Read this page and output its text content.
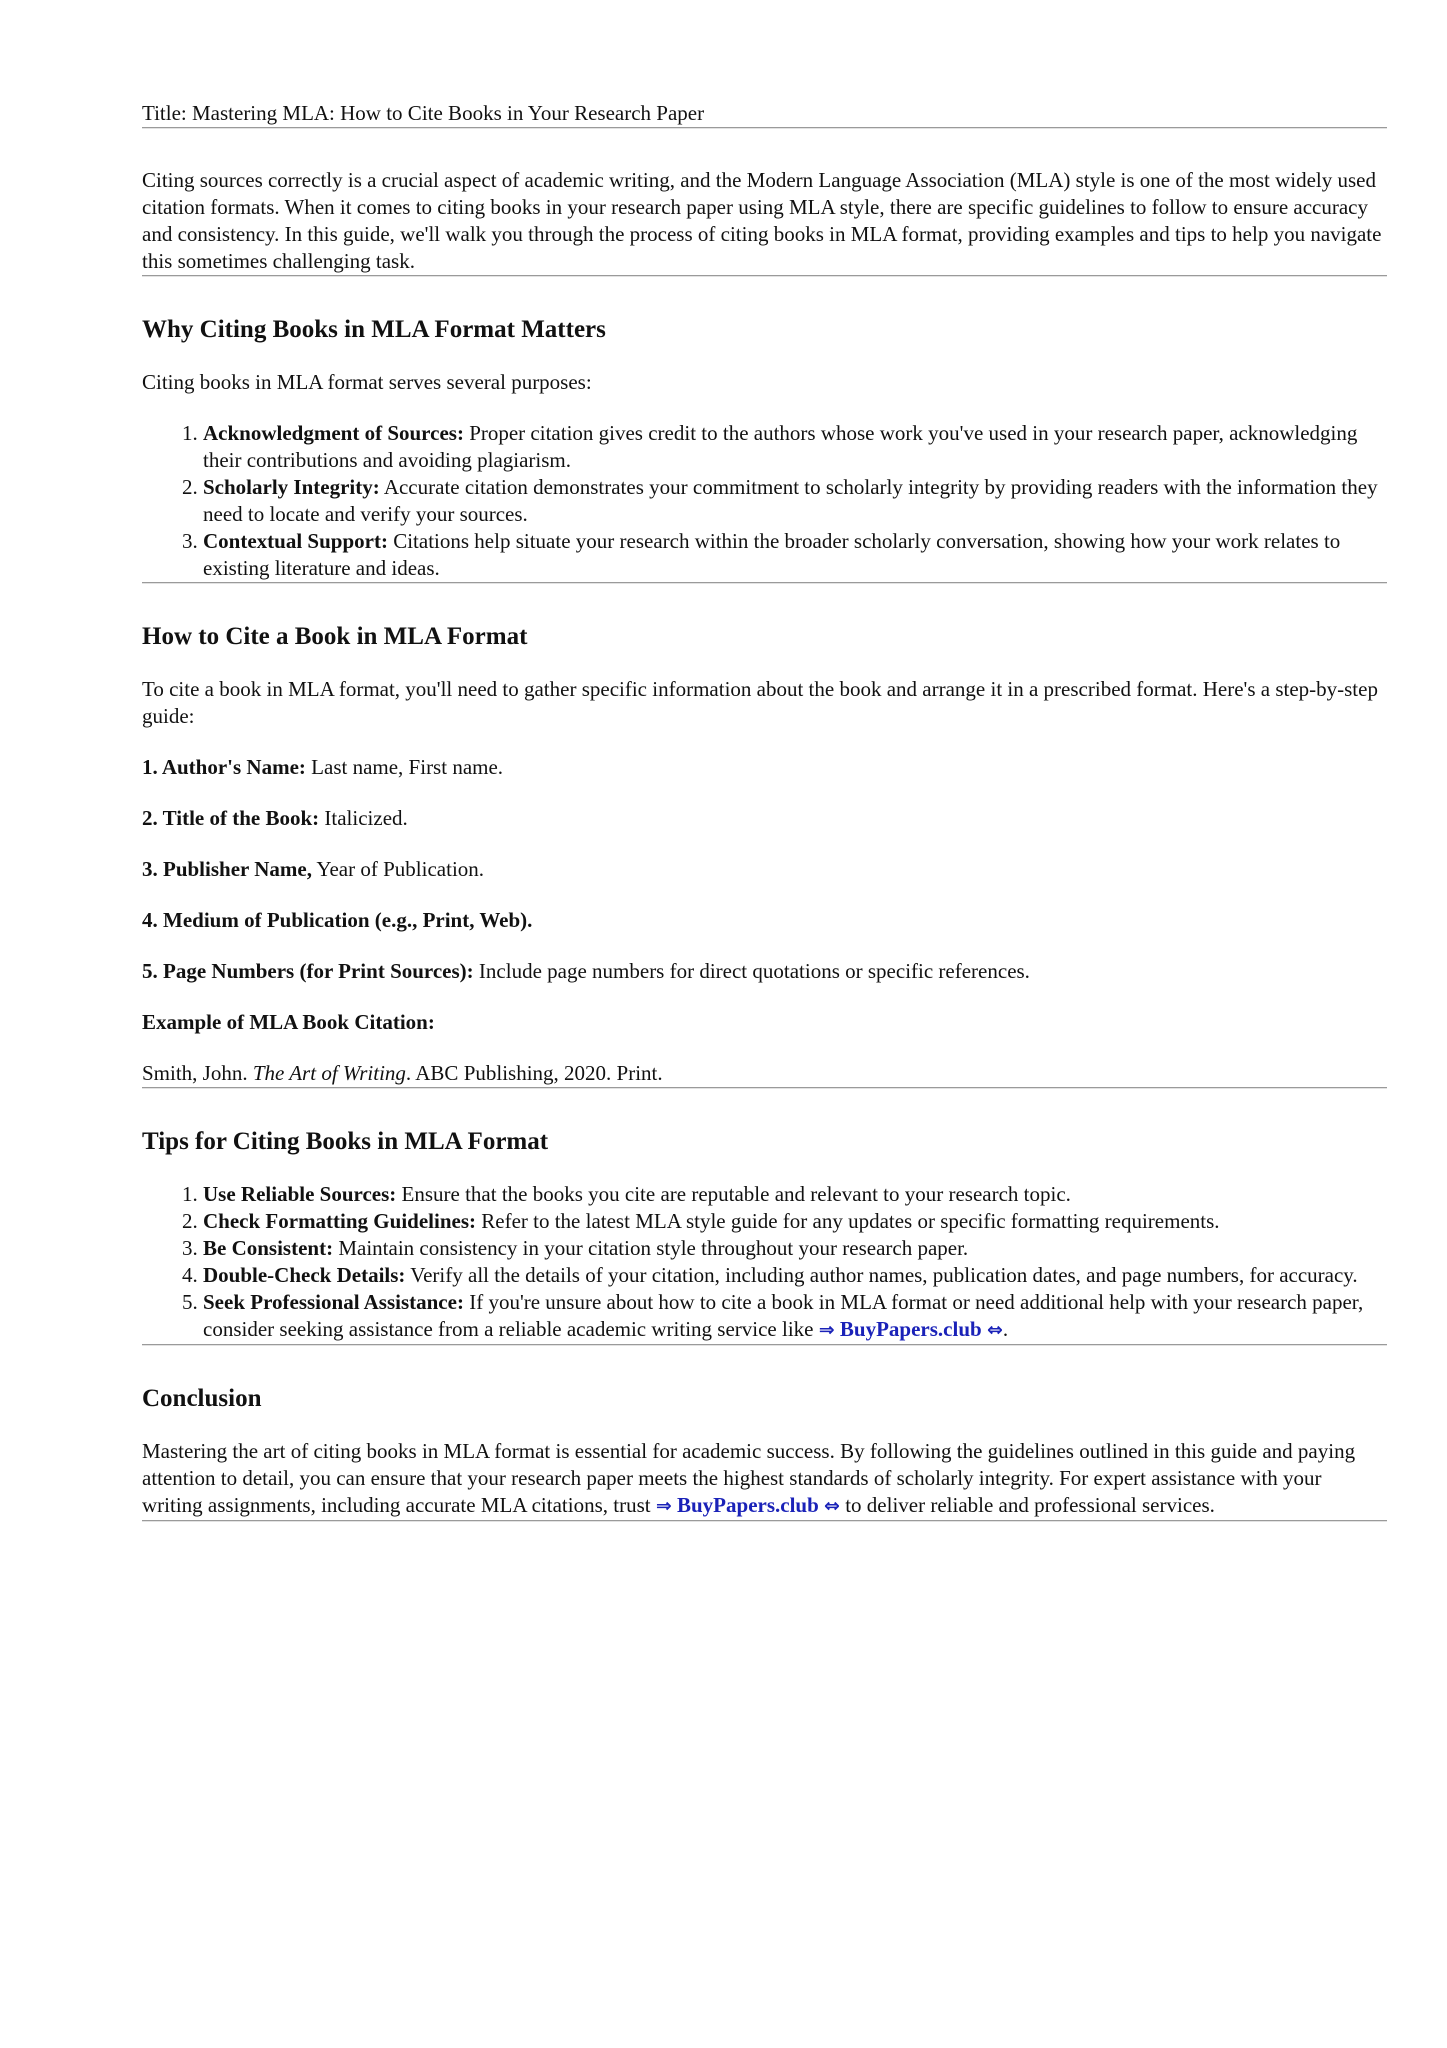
Title: Mastering MLA: How to Cite Books in Your Research Paper

Citing sources correctly is a crucial aspect of academic writing, and the Modern Language Association (MLA) style is one of the most widely used citation formats. When it comes to citing books in your research paper using MLA style, there are specific guidelines to follow to ensure accuracy and consistency. In this guide, we'll walk you through the process of citing books in MLA format, providing examples and tips to help you navigate this sometimes challenging task.

Why Citing Books in MLA Format Matters

Citing books in MLA format serves several purposes:

1. Acknowledgment of Sources: Proper citation gives credit to the authors whose work you've used in your research paper, acknowledging their contributions and avoiding plagiarism.
2. Scholarly Integrity: Accurate citation demonstrates your commitment to scholarly integrity by providing readers with the information they need to locate and verify your sources.
3. Contextual Support: Citations help situate your research within the broader scholarly conversation, showing how your work relates to existing literature and ideas.
How to Cite a Book in MLA Format

To cite a book in MLA format, you'll need to gather specific information about the book and arrange it in a prescribed format. Here's a step-by-step guide:

1. Author's Name: Last name, First name.

2. Title of the Book: Italicized.

3. Publisher Name, Year of Publication.

4. Medium of Publication (e.g., Print, Web).

5. Page Numbers (for Print Sources): Include page numbers for direct quotations or specific references.

Example of MLA Book Citation:

Smith, John. The Art of Writing. ABC Publishing, 2020. Print.

Tips for Citing Books in MLA Format
1. Use Reliable Sources: Ensure that the books you cite are reputable and relevant to your research topic.
2. Check Formatting Guidelines: Refer to the latest MLA style guide for any updates or specific formatting requirements.
3. Be Consistent: Maintain consistency in your citation style throughout your research paper.
4. Double-Check Details: Verify all the details of your citation, including author names, publication dates, and page numbers, for accuracy.
5. Seek Professional Assistance: If you're unsure about how to cite a book in MLA format or need additional help with your research paper, consider seeking assistance from a reliable academic writing service like ⇒ BuyPapers.club ⇔.
Conclusion

Mastering the art of citing books in MLA format is essential for academic success. By following the guidelines outlined in this guide and paying attention to detail, you can ensure that your research paper meets the highest standards of scholarly integrity. For expert assistance with your writing assignments, including accurate MLA citations, trust ⇒ BuyPapers.club ⇔ to deliver reliable and professional services.
